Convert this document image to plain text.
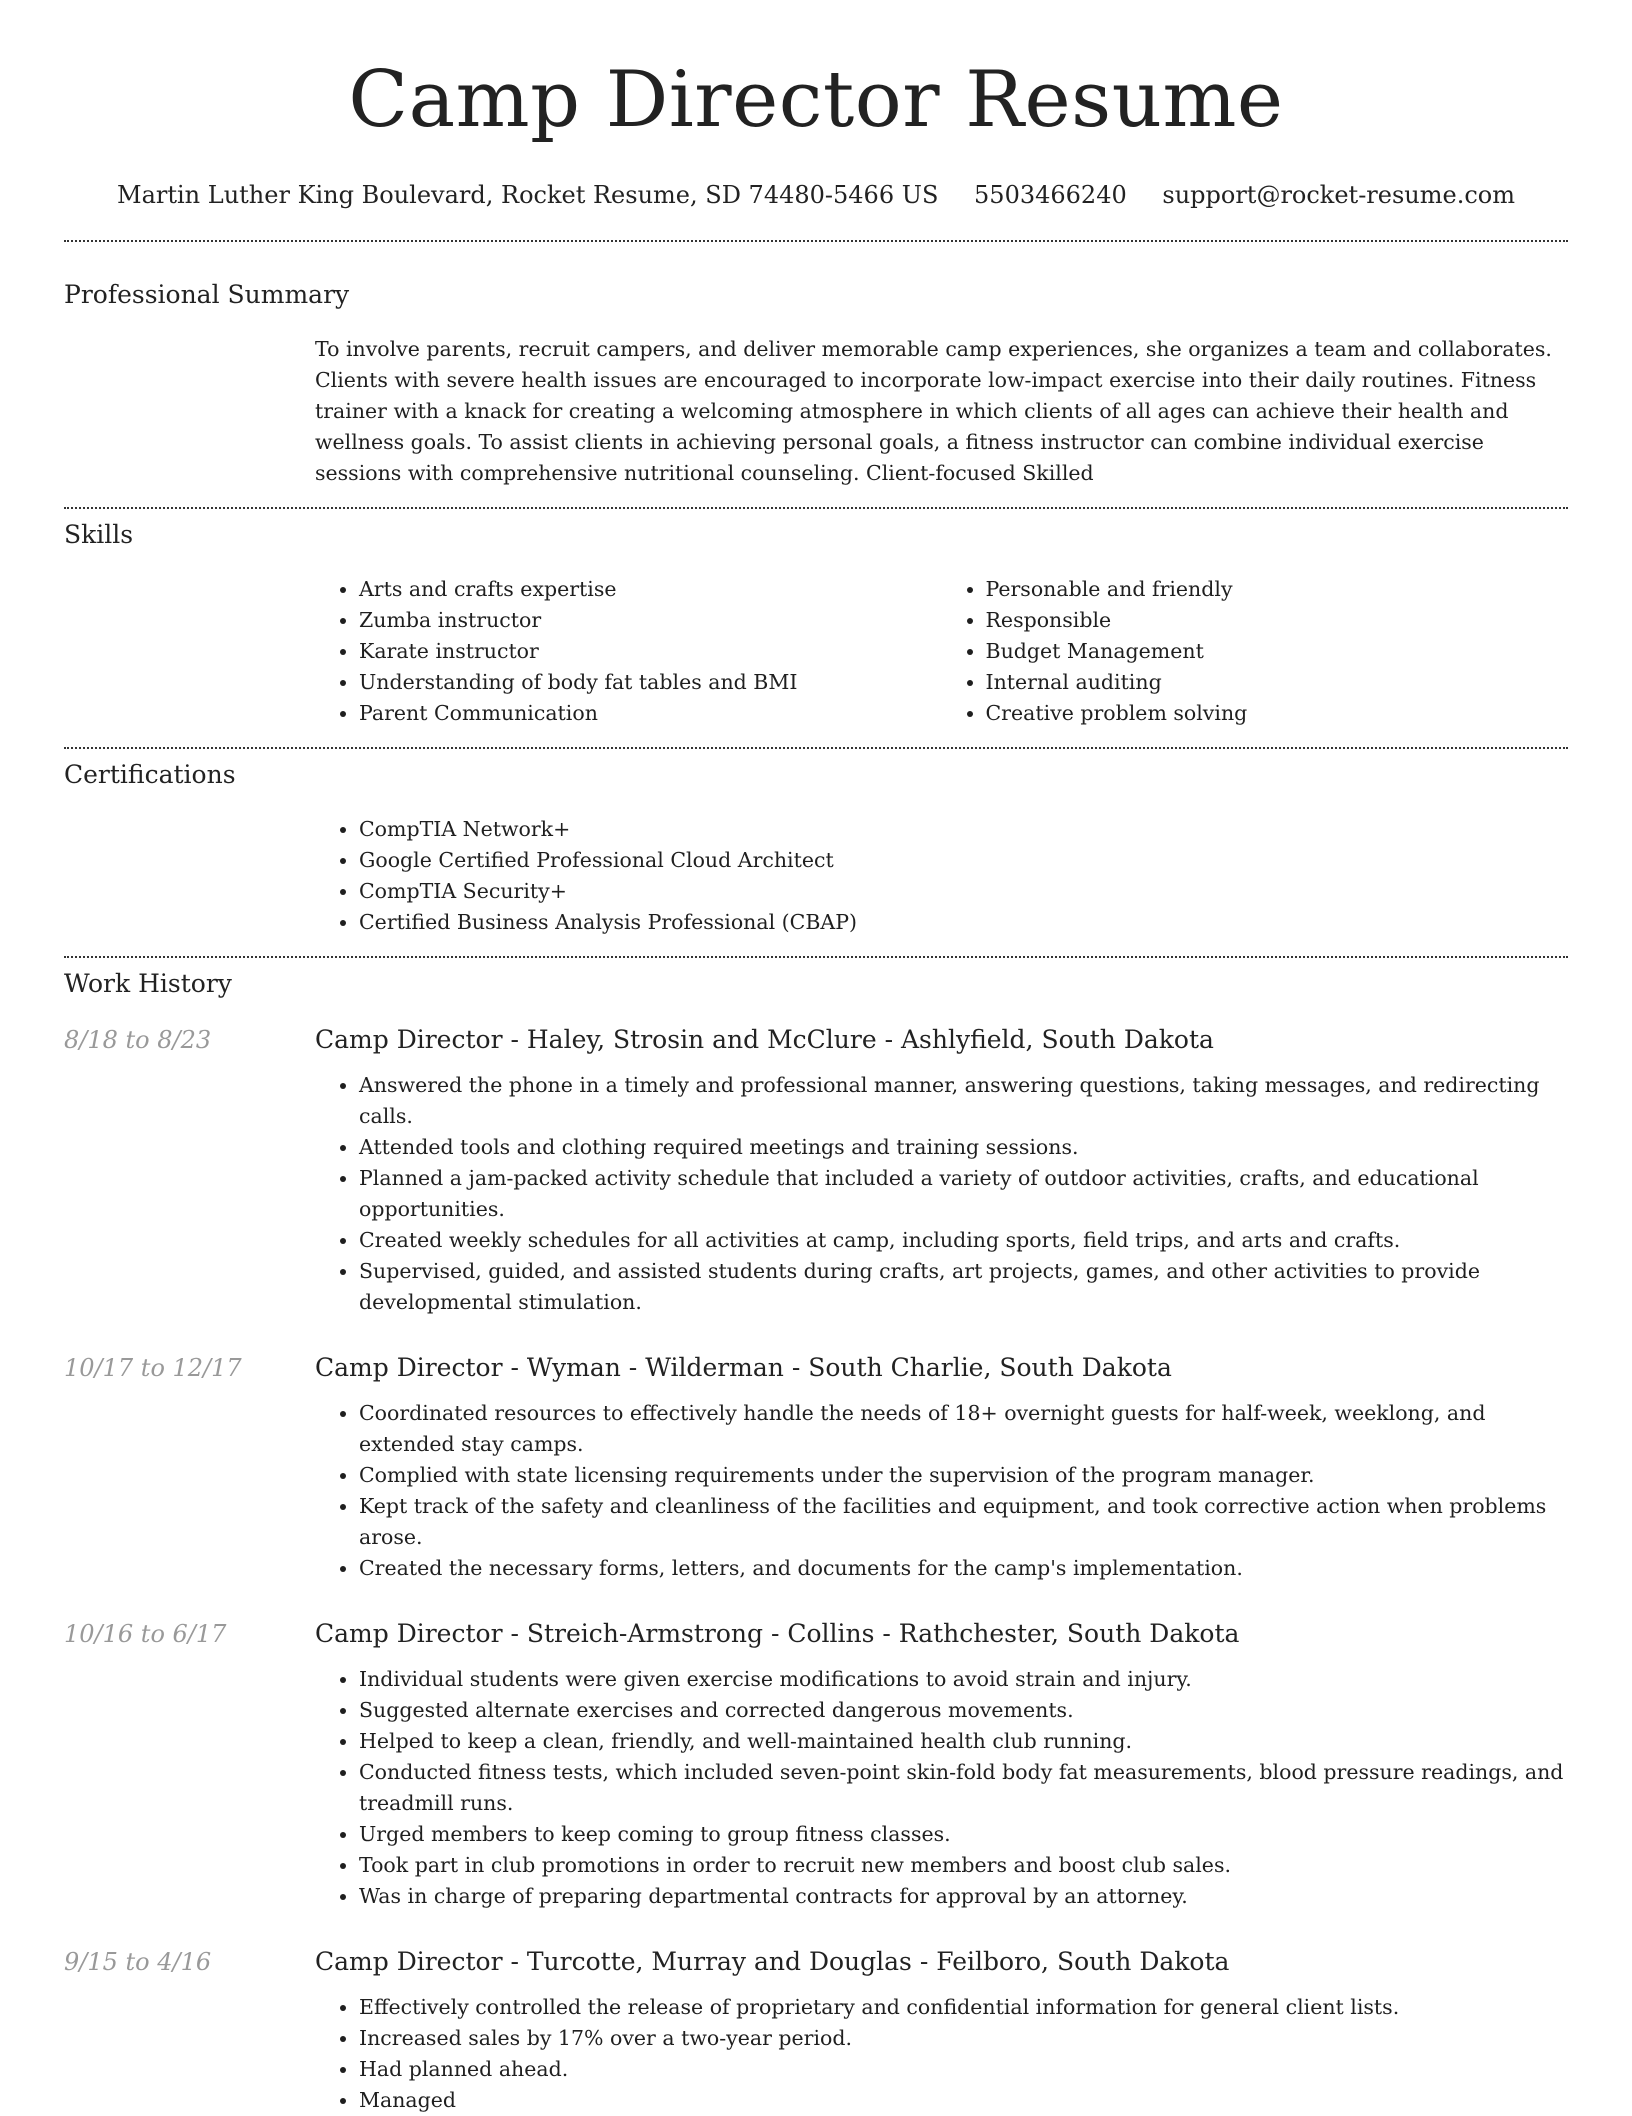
Camp Director Resume
Martin Luther King Boulevard, Rocket Resume, SD 74480-5466 US 5503466240 support@rocket-resume.com
Professional Summary

To involve parents, recruit campers, and deliver memorable camp experiences, she organizes a team and collaborates. Clients with severe health issues are encouraged to incorporate low-impact exercise into their daily routines. Fitness trainer with a knack for creating a welcoming atmosphere in which clients of all ages can achieve their health and wellness goals. To assist clients in achieving personal goals, a fitness instructor can combine individual exercise sessions with comprehensive nutritional counseling. Client-focused Skilled

Skills
• Arts and crafts expertise
• Zumba instructor
• Karate instructor
• Understanding of body fat tables and BMI
• Parent Communication
• Personable and friendly
• Responsible
• Budget Management
• Internal auditing
• Creative problem solving
Certifications
• CompTIA Network+
• Google Certified Professional Cloud Architect
• CompTIA Security+
• Certified Business Analysis Professional (CBAP)
Work History
8/18 to 8/23	Camp Director - Haley, Strosin and McClure - Ashlyfield, South Dakota
• Answered the phone in a timely and professional manner, answering questions, taking messages, and redirecting calls.
• Attended tools and clothing required meetings and training sessions.
• Planned a jam-packed activity schedule that included a variety of outdoor activities, crafts, and educational opportunities.
• Created weekly schedules for all activities at camp, including sports, field trips, and arts and crafts.
• Supervised, guided, and assisted students during crafts, art projects, games, and other activities to provide developmental stimulation.
10/17 to 12/17	Camp Director - Wyman - Wilderman - South Charlie, South Dakota
• Coordinated resources to effectively handle the needs of 18+ overnight guests for half-week, weeklong, and extended stay camps.
• Complied with state licensing requirements under the supervision of the program manager.
• Kept track of the safety and cleanliness of the facilities and equipment, and took corrective action when problems arose.
• Created the necessary forms, letters, and documents for the camp's implementation.
10/16 to 6/17	Camp Director - Streich-Armstrong - Collins - Rathchester, South Dakota
• Individual students were given exercise modifications to avoid strain and injury.
• Suggested alternate exercises and corrected dangerous movements.
• Helped to keep a clean, friendly, and well-maintained health club running.
• Conducted fitness tests, which included seven-point skin-fold body fat measurements, blood pressure readings, and treadmill runs.
• Urged members to keep coming to group fitness classes.
• Took part in club promotions in order to recruit new members and boost club sales.
• Was in charge of preparing departmental contracts for approval by an attorney.
9/15 to 4/16	Camp Director - Turcotte, Murray and Douglas - Feilboro, South Dakota
• Effectively controlled the release of proprietary and confidential information for general client lists.
• Increased sales by 17% over a two-year period.
• Had planned ahead.
• Managed
